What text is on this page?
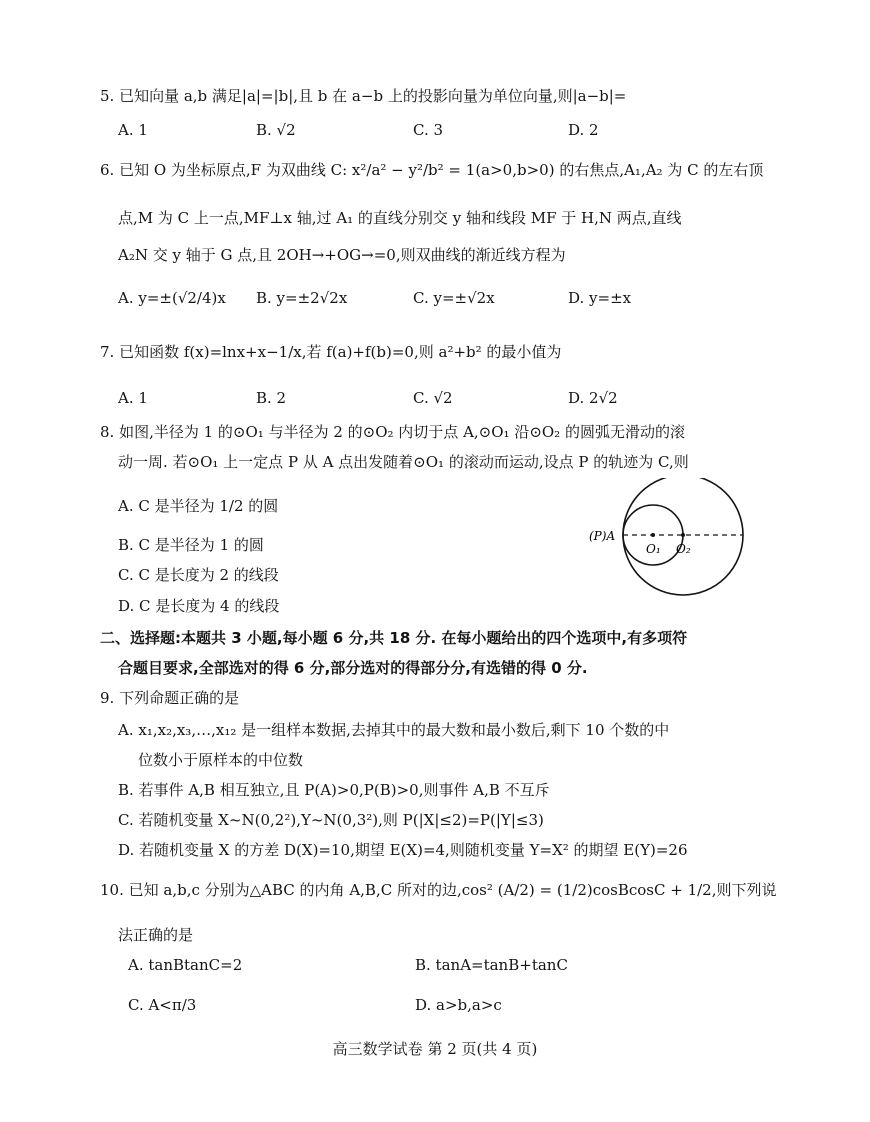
5. 已知向量 a,b 满足|a|=|b|,且 b 在 a−b 上的投影向量为单位向量,则|a−b|=
A. 1	B. √2	C. 3	D. 2
6. 已知 O 为坐标原点,F 为双曲线 C: x²/a² − y²/b² = 1(a>0,b>0) 的右焦点,A₁,A₂ 为 C 的左右顶
点,M 为 C 上一点,MF⊥x 轴,过 A₁ 的直线分别交 y 轴和线段 MF 于 H,N 两点,直线
A₂N 交 y 轴于 G 点,且 2OH→+OG→=0,则双曲线的渐近线方程为
A. y=±(√2/4)x B. y=±2√2x	C. y=±√2x	D. y=±x
7. 已知函数 f(x)=lnx+x−1/x,若 f(a)+f(b)=0,则 a²+b² 的最小值为
A. 1	B. 2	C. √2	D. 2√2
8. 如图,半径为 1 的⊙O₁ 与半径为 2 的⊙O₂ 内切于点 A,⊙O₁ 沿⊙O₂ 的圆弧无滑动的滚
动一周. 若⊙O₁ 上一定点 P 从 A 点出发随着⊙O₁ 的滚动而运动,设点 P 的轨迹为 C,则
A. C 是半径为 1/2 的圆
B. C 是半径为 1 的圆
C. C 是长度为 2 的线段
D. C 是长度为 4 的线段
(P)A
O₁ O₂
二、选择题:本题共 3 小题,每小题 6 分,共 18 分. 在每小题给出的四个选项中,有多项符
合题目要求,全部选对的得 6 分,部分选对的得部分分,有选错的得 0 分.
9. 下列命题正确的是
A. x₁,x₂,x₃,…,x₁₂ 是一组样本数据,去掉其中的最大数和最小数后,剩下 10 个数的中
位数小于原样本的中位数
B. 若事件 A,B 相互独立,且 P(A)>0,P(B)>0,则事件 A,B 不互斥
C. 若随机变量 X~N(0,2²),Y~N(0,3²),则 P(|X|≤2)=P(|Y|≤3)
D. 若随机变量 X 的方差 D(X)=10,期望 E(X)=4,则随机变量 Y=X² 的期望 E(Y)=26
10. 已知 a,b,c 分别为△ABC 的内角 A,B,C 所对的边,cos² (A/2) = (1/2)cosBcosC + 1/2,则下列说
法正确的是
A. tanBtanC=2	B. tanA=tanB+tanC
C. A<π/3	D. a>b,a>c
高三数学试卷 第 2 页(共 4 页)
